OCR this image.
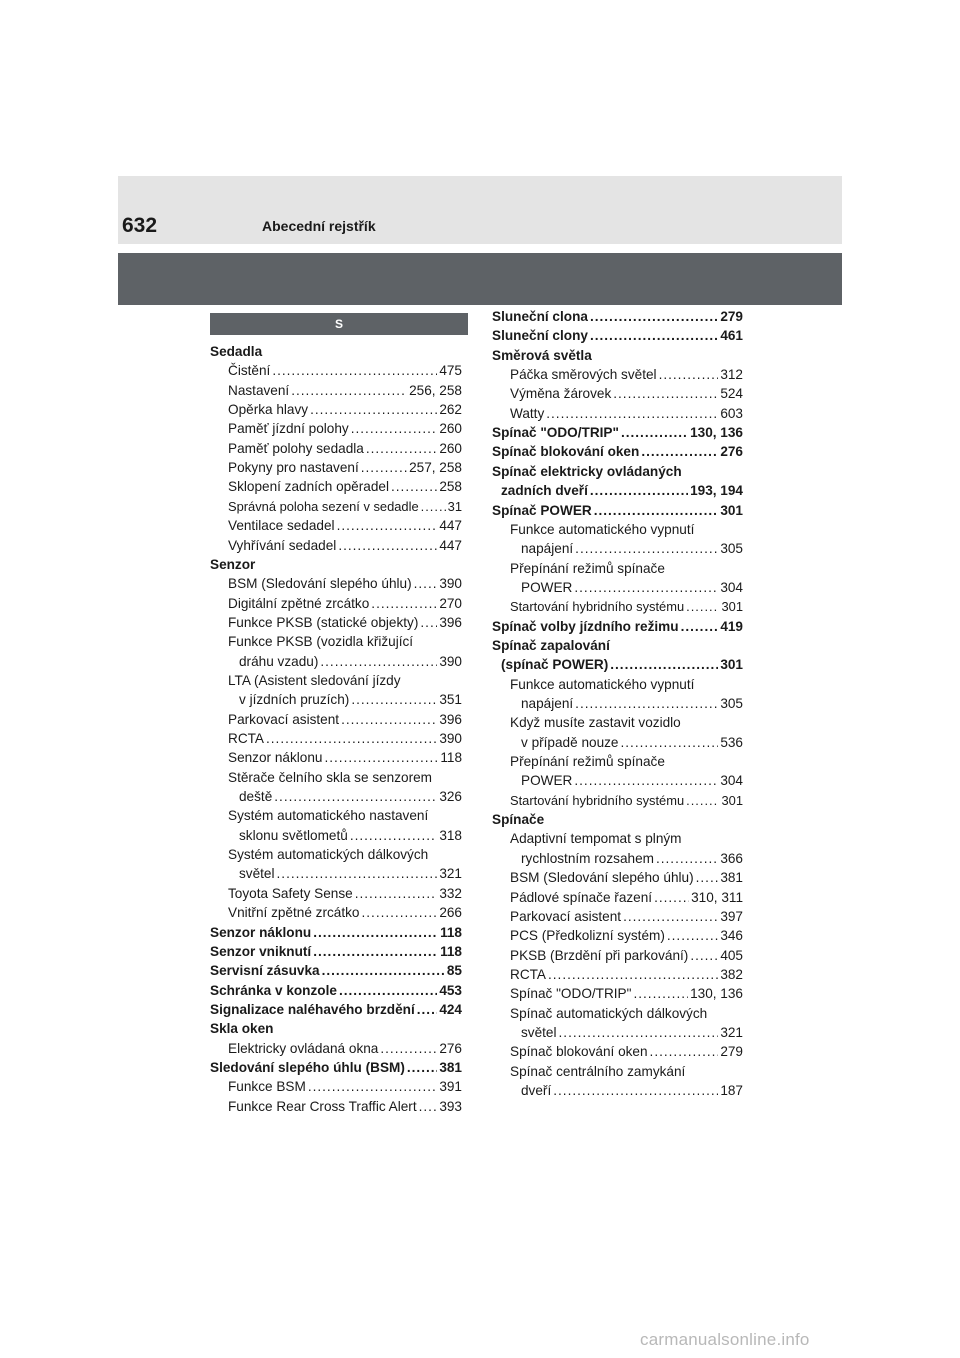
632	Abecední rejstřík
S
Sedadla
Čistění .....	475
Nastavení .....	256, 258
Opěrka hlavy .....	262
Paměť jízdní polohy .....	260
Paměť polohy sedadla .....	260
Pokyny pro nastavení .....	257, 258
Sklopení zadních opěradel .....	258
Správná poloha sezení v sedadle ..... 31
Ventilace sedadel .....	447
Vyhřívání sedadel .....	447
Senzor
BSM (Sledování slepého úhlu) ..... 390
Digitální zpětné zrcátko .....	270
Funkce PKSB (statické objekty) ..... 396
Funkce PKSB (vozidla křižující
dráhu vzadu) .....	390
LTA (Asistent sledování jízdy
v jízdních pruzích) .....	351
Parkovací asistent .....	396
RCTA .....	390
Senzor náklonu .....	118
Stěrače čelního skla se senzorem
deště .....	326
Systém automatického nastavení
sklonu světlometů .....	318
Systém automatických dálkových
světel .....	321
Toyota Safety Sense .....	332
Vnitřní zpětné zrcátko .....	266
Senzor náklonu .....	118
Senzor vniknutí .....	118
Servisní zásuvka .....	85
Schránka v konzole .....	453
Signalizace naléhavého brzdění ..... 424
Skla oken
Elektricky ovládaná okna .....	276
Sledování slepého úhlu (BSM) .....	381
Funkce BSM .....	391
Funkce Rear Cross Traffic Alert ..... 393
Sluneční clona .....	279
Sluneční clony .....	461
Směrová světla
Páčka směrových světel .....	312
Výměna žárovek .....	524
Watty .....	603
Spínač "ODO/TRIP" .....	130, 136
Spínač blokování oken .....	276
Spínač elektricky ovládaných
zadních dveří .....	193, 194
Spínač POWER .....	301
Funkce automatického vypnutí
napájení .....	305
Přepínání režimů spínače
POWER .....	304
Startování hybridního systému .....	301
Spínač volby jízdního režimu .....	419
Spínač zapalování
(spínač POWER) .....	301
Funkce automatického vypnutí
napájení .....	305
Když musíte zastavit vozidlo
v případě nouze .....	536
Přepínání režimů spínače
POWER .....	304
Startování hybridního systému .....	301
Spínače
Adaptivní tempomat s plným
rychlostním rozsahem .....	366
BSM (Sledování slepého úhlu) ..... 381
Pádlové spínače řazení .....	310, 311
Parkovací asistent .....	397
PCS (Předkolizní systém) .....	346
PKSB (Brzdění při parkování) ..... 405
RCTA .....	382
Spínač "ODO/TRIP" .....	130, 136
Spínač automatických dálkových
světel .....	321
Spínač blokování oken .....	279
Spínač centrálního zamykání
dveří .....	187
carmanualsonline.info
